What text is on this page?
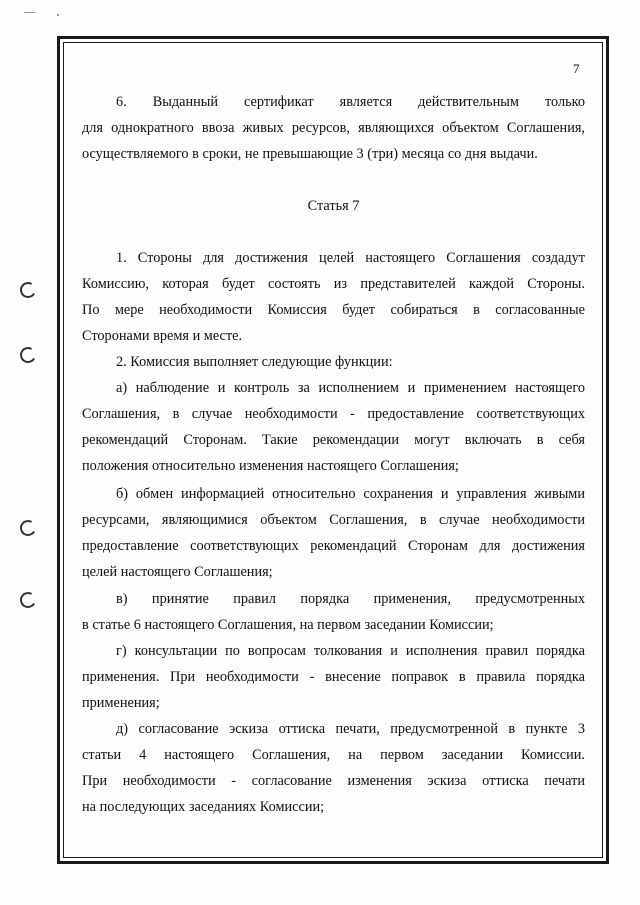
7
6. Выданный сертификат является действительным только
для однократного ввоза живых ресурсов, являющихся объектом Соглашения,
осуществляемого в сроки, не превышающие 3 (три) месяца со дня выдачи.
Статья 7
1. Стороны для достижения целей настоящего Соглашения создадут
Комиссию, которая будет состоять из представителей каждой Стороны.
По мере необходимости Комиссия будет собираться в согласованные
Сторонами время и месте.
2. Комиссия выполняет следующие функции:
а) наблюдение и контроль за исполнением и применением настоящего
Соглашения, в случае необходимости - предоставление соответствующих
рекомендаций Сторонам. Такие рекомендации могут включать в себя
положения относительно изменения настоящего Соглашения;
б) обмен информацией относительно сохранения и управления живыми
ресурсами, являющимися объектом Соглашения, в случае необходимости
предоставление соответствующих рекомендаций Сторонам для достижения
целей настоящего Соглашения;
в) принятие правил порядка применения, предусмотренных
в статье 6 настоящего Соглашения, на первом заседании Комиссии;
г) консультации по вопросам толкования и исполнения правил порядка
применения. При необходимости - внесение поправок в правила порядка
применения;
д) согласование эскиза оттиска печати, предусмотренной в пункте 3
статьи 4 настоящего Соглашения, на первом заседании Комиссии.
При необходимости - согласование изменения эскиза оттиска печати
на последующих заседаниях Комиссии;
